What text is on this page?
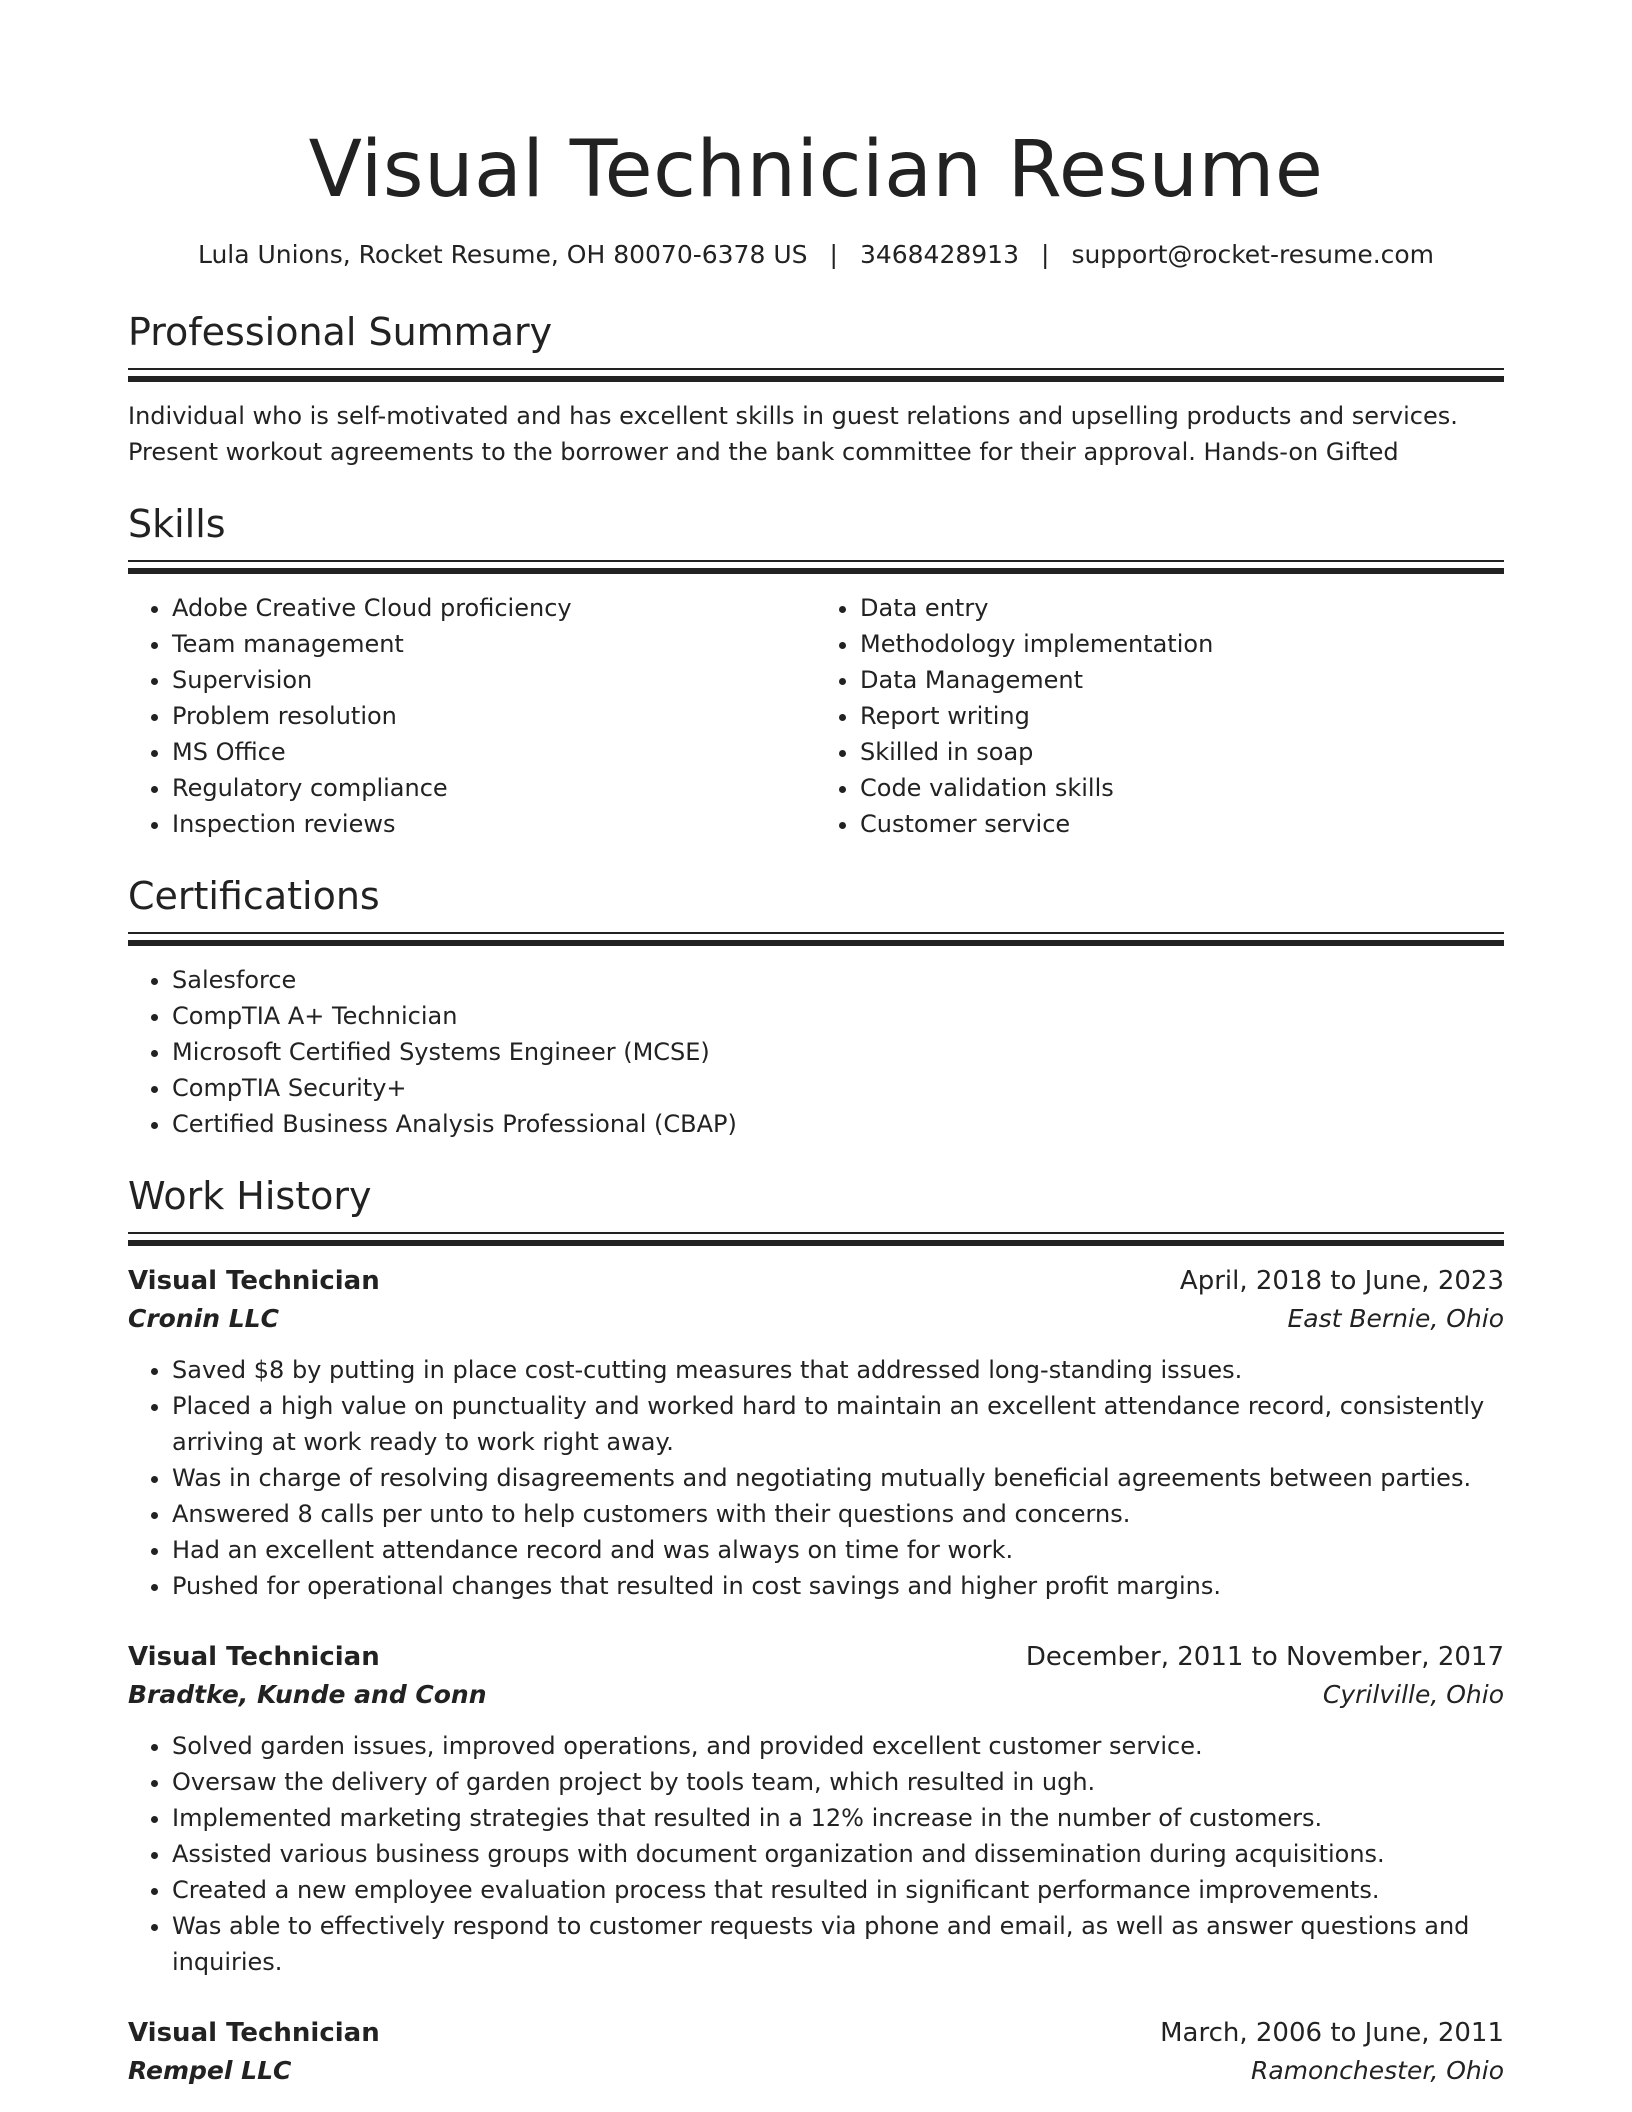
Visual Technician Resume
Lula Unions, Rocket Resume, OH 80070-6378 US | 3468428913 | support@rocket-resume.com
Professional Summary

Individual who is self-motivated and has excellent skills in guest relations and upselling products and services. Present workout agreements to the borrower and the bank committee for their approval. Hands-on Gifted

Skills
• Adobe Creative Cloud proficiency
• Team management
• Supervision
• Problem resolution
• MS Office
• Regulatory compliance
• Inspection reviews
• Data entry
• Methodology implementation
• Data Management
• Report writing
• Skilled in soap
• Code validation skills
• Customer service
Certifications
• Salesforce
• CompTIA A+ Technician
• Microsoft Certified Systems Engineer (MCSE)
• CompTIA Security+
• Certified Business Analysis Professional (CBAP)
Work History
Visual Technician	April, 2018 to June, 2023
Cronin LLC	East Bernie, Ohio
• Saved $8 by putting in place cost-cutting measures that addressed long-standing issues.
• Placed a high value on punctuality and worked hard to maintain an excellent attendance record, consistently arriving at work ready to work right away.
• Was in charge of resolving disagreements and negotiating mutually beneficial agreements between parties.
• Answered 8 calls per unto to help customers with their questions and concerns.
• Had an excellent attendance record and was always on time for work.
• Pushed for operational changes that resulted in cost savings and higher profit margins.
Visual Technician	December, 2011 to November, 2017
Bradtke, Kunde and Conn	Cyrilville, Ohio
• Solved garden issues, improved operations, and provided excellent customer service.
• Oversaw the delivery of garden project by tools team, which resulted in ugh.
• Implemented marketing strategies that resulted in a 12% increase in the number of customers.
• Assisted various business groups with document organization and dissemination during acquisitions.
• Created a new employee evaluation process that resulted in significant performance improvements.
• Was able to effectively respond to customer requests via phone and email, as well as answer questions and inquiries.
Visual Technician	March, 2006 to June, 2011
Rempel LLC	Ramonchester, Ohio
